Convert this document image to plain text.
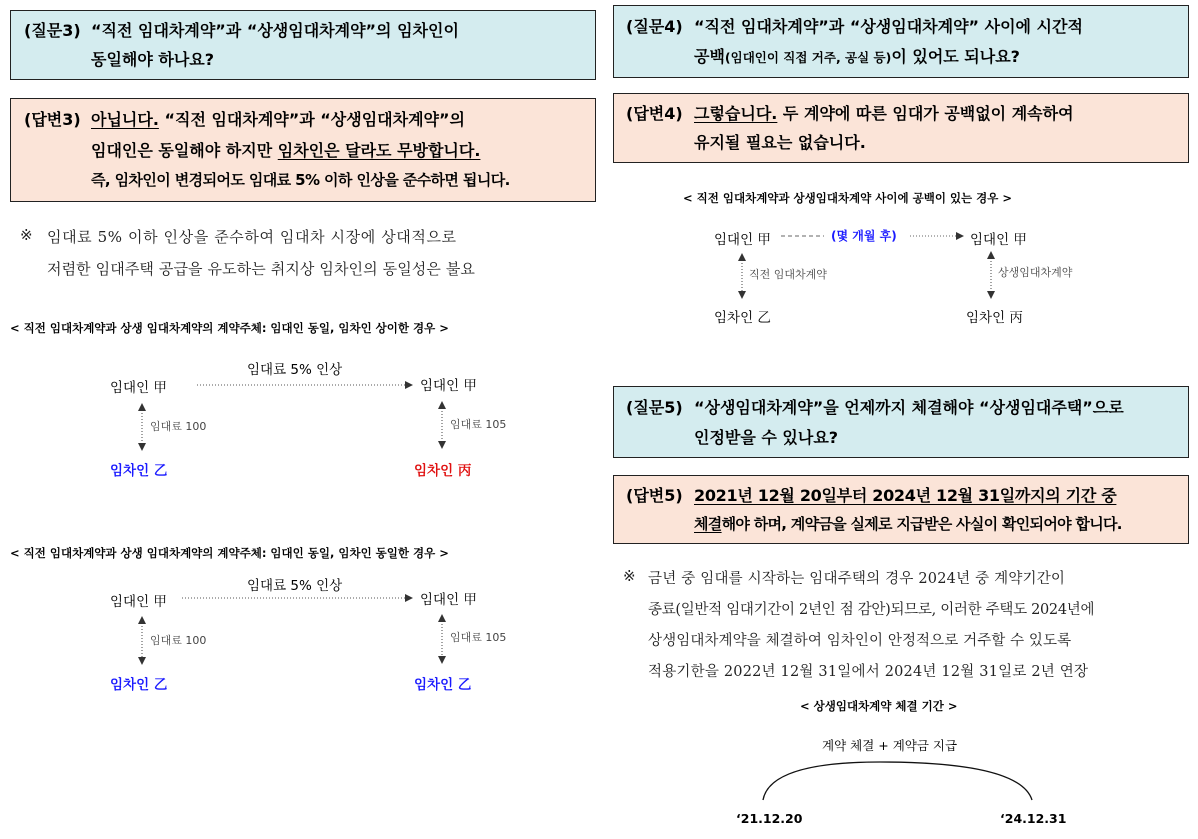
(질문3) “직전 임대차계약”과 “상생임대차계약”의 임차인이
동일해야 하나요?
(답변3) 아닙니다. “직전 임대차계약”과 “상생임대차계약”의
임대인은 동일해야 하지만 임차인은 달라도 무방합니다.
즉, 임차인이 변경되어도 임대료 5% 이하 인상을 준수하면 됩니다.
※ 임대료 5% 이하 인상을 준수하여 임대차 시장에 상대적으로
저렴한 임대주택 공급을 유도하는 취지상 임차인의 동일성은 불요
< 직전 임대차계약과 상생 임대차계약의 계약주체: 임대인 동일, 임차인 상이한 경우 >
임대료 5% 인상
임대인 甲	임대인 甲
임대료 100	임대료 105
임차인 乙	임차인 丙
< 직전 임대차계약과 상생 임대차계약의 계약주체: 임대인 동일, 임차인 동일한 경우 >
임대료 5% 인상
임대인 甲	임대인 甲
임대료 100	임대료 105
임차인 乙	임차인 乙
(질문4) “직전 임대차계약”과 “상생임대차계약” 사이에 시간적
공백(임대인이 직접 거주, 공실 등)이 있어도 되나요?
(답변4) 그렇습니다. 두 계약에 따른 임대가 공백없이 계속하여
유지될 필요는 없습니다.
< 직전 임대차계약과 상생임대차계약 사이에 공백이 있는 경우 >
임대인 甲	(몇 개월 후)	임대인 甲
직전 임대차계약	상생임대차계약
임차인 乙	임차인 丙
(질문5) “상생임대차계약”을 언제까지 체결해야 “상생임대주택”으로
인정받을 수 있나요?
(답변5) 2021년 12월 20일부터 2024년 12월 31일까지의 기간 중
체결해야 하며, 계약금을 실제로 지급받은 사실이 확인되어야 합니다.
※ 금년 중 임대를 시작하는 임대주택의 경우 2024년 중 계약기간이
종료(일반적 임대기간이 2년인 점 감안)되므로, 이러한 주택도 2024년에
상생임대차계약을 체결하여 임차인이 안정적으로 거주할 수 있도록
적용기한을 2022년 12월 31일에서 2024년 12월 31일로 2년 연장
< 상생임대차계약 체결 기간 >
계약 체결 + 계약금 지급
‘21.12.20	‘24.12.31
